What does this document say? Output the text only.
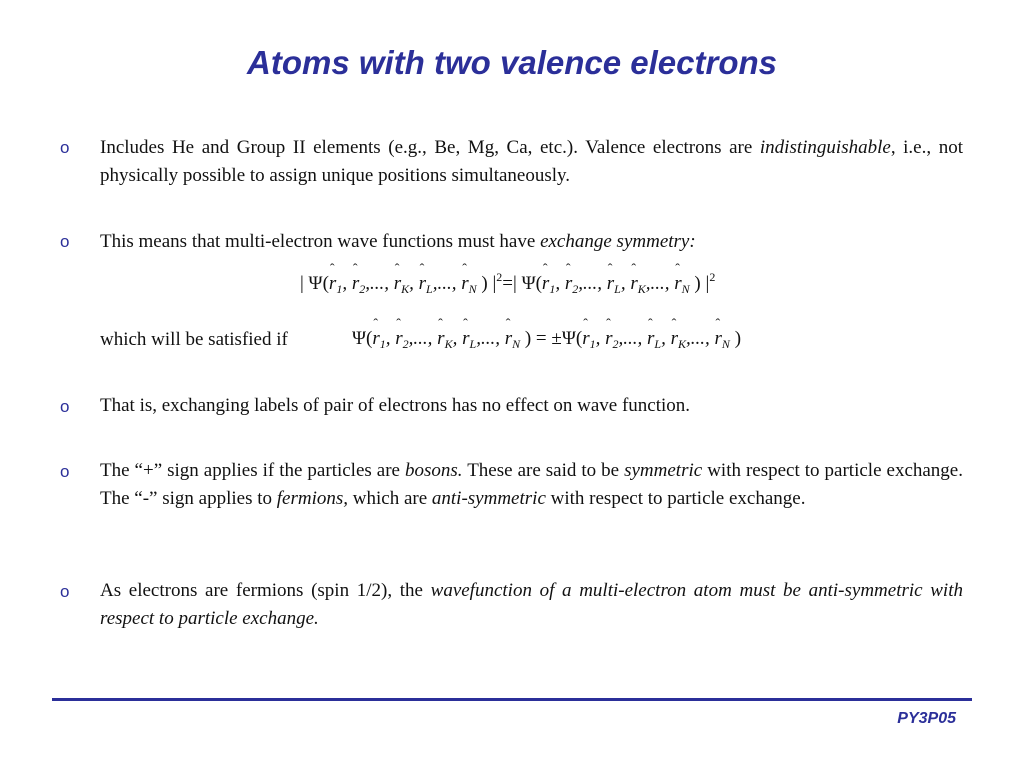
Atoms with two valence electrons
o Includes He and Group II elements (e.g., Be, Mg, Ca, etc.). Valence electrons are indistinguishable, i.e., not physically possible to assign unique positions simultaneously.
o This means that multi-electron wave functions must have exchange symmetry:
| Ψ(ˆ $r_1$, ˆ $r_2$,..., ˆ $r_K$, ˆ $r_L$,..., ˆ $r_N$ ) $|^2=|$ Ψ(ˆ $r_1$, ˆ $r_2$,..., ˆ $r_L$, ˆ $r_K$,..., ˆ $r_N$ ) $|^2$
which will be satisfied if	Ψ(ˆ $r_1$, ˆ $r_2$,..., ˆ $r_K$, ˆ $r_L$,..., ˆ $r_N$ ) = ±Ψ(ˆ $r_1$, ˆ $r_2$,..., ˆ $r_L$, ˆ $r_K$,..., ˆ $r_N$ )
o That is, exchanging labels of pair of electrons has no effect on wave function.
o The “+” sign applies if the particles are bosons. These are said to be symmetric with respect to particle exchange. The “-” sign applies to fermions, which are anti-symmetric with respect to particle exchange.
o As electrons are fermions (spin 1/2), the wavefunction of a multi-electron atom must be anti-symmetric with respect to particle exchange.
PY3P05
